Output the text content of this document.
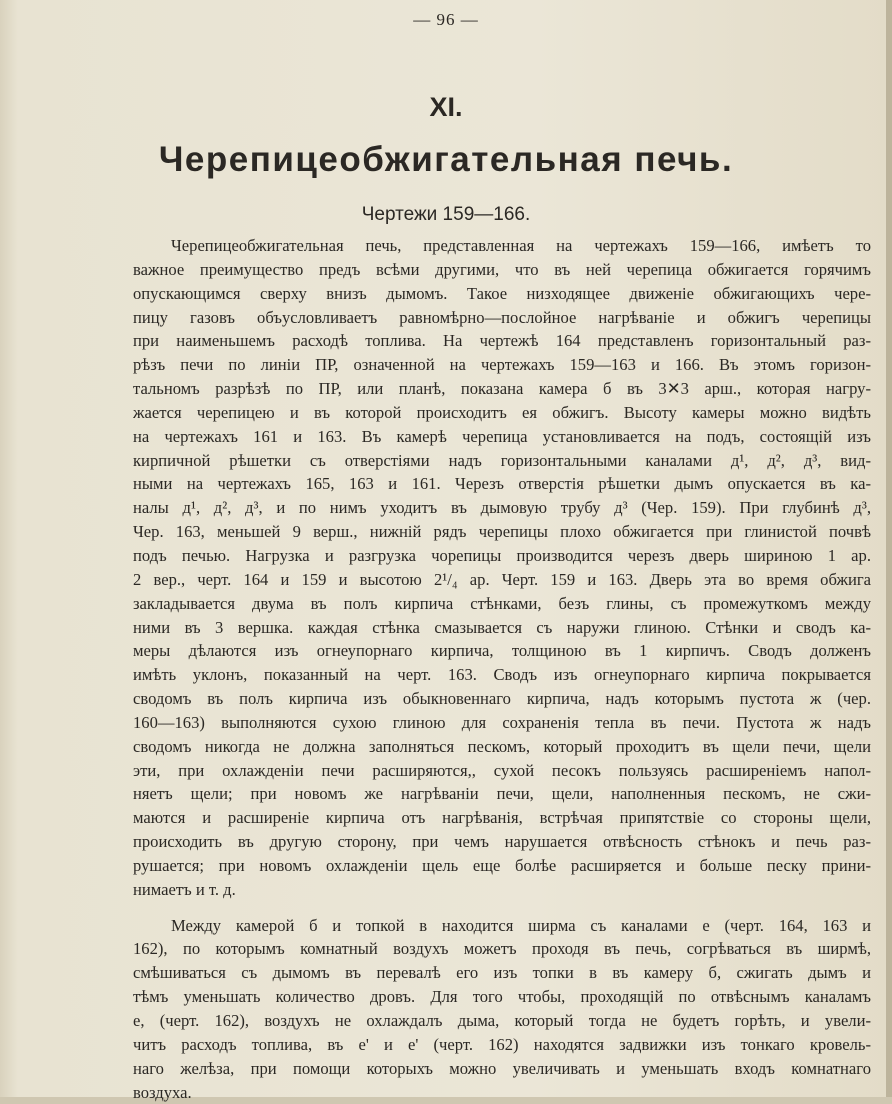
— 96 —
XI.
Черепицеобжигательная печь.
Чертежи 159—166.
Черепицеобжигательная печь, представленная на чертежахъ 159—166, имѣетъ то
важное преимущество предъ всѣми другими, что въ ней черепица обжигается горячимъ
опускающимся сверху внизъ дымомъ. Такое низходящее движеніе обжигающихъ чере-
пицу газовъ объусловливаетъ равномѣрно—послойное нагрѣваніе и обжигъ черепицы
при наименьшемъ расходѣ топлива. На чертежѣ 164 представленъ горизонтальный раз-
рѣзъ печи по линіи ПР, означенной на чертежахъ 159—163 и 166. Въ этомъ горизон-
тальномъ разрѣзѣ по ПР, или планѣ, показана камера б въ 3✕3 арш., которая нагру-
жается черепицею и въ которой происходитъ ея обжигъ. Высоту камеры можно видѣть
на чертежахъ 161 и 163. Въ камерѣ черепица установливается на подъ, состоящій изъ
кирпичной рѣшетки съ отверстіями надъ горизонтальными каналами д¹, д², д³, вид-
ными на чертежахъ 165, 163 и 161. Черезъ отверстія рѣшетки дымъ опускается въ ка-
налы д¹, д², д³, и по нимъ уходитъ въ дымовую трубу д³ (Чер. 159). При глубинѣ д³,
Чер. 163, меньшей 9 верш., нижній рядъ черепицы плохо обжигается при глинистой почвѣ
подъ печью. Нагрузка и разгрузка чорепицы производится черезъ дверь шириною 1 ар.
2 вер., черт. 164 и 159 и высотою 2¹/₄ ар. Черт. 159 и 163. Дверь эта во время обжига
закладывается двума въ полъ кирпича стѣнками, безъ глины, съ промежуткомъ между
ними въ 3 вершка. каждая стѣнка смазывается съ наружи глиною. Стѣнки и сводъ ка-
меры дѣлаются изъ огнеупорнаго кирпича, толщиною въ 1 кирпичъ. Сводъ долженъ
имѣть уклонъ, показанный на черт. 163. Сводъ изъ огнеупорнаго кирпича покрывается
сводомъ въ полъ кирпича изъ обыкновеннаго кирпича, надъ которымъ пустота ж (чер.
160—163) выполняются сухою глиною для сохраненія тепла въ печи. Пустота ж надъ
сводомъ никогда не должна заполняться пескомъ, который проходитъ въ щели печи, щели
эти, при охлажденіи печи расширяются,, сухой песокъ пользуясь расширеніемъ напол-
няетъ щели; при новомъ же нагрѣваніи печи, щели, наполненныя пескомъ, не сжи-
маются и расширеніе кирпича отъ нагрѣванія, встрѣчая припятствіе со стороны щели,
происходить въ другую сторону, при чемъ нарушается отвѣсность стѣнокъ и печь раз-
рушается; при новомъ охлажденіи щель еще болѣе расширяется и больше песку прини-
нимаетъ и т. д.
Между камерой б и топкой в находится ширма съ каналами е (черт. 164, 163 и
162), по которымъ комнатный воздухъ можетъ проходя въ печь, согрѣваться въ ширмѣ,
смѣшиваться съ дымомъ въ перевалѣ его изъ топки в въ камеру б, сжигать дымъ и
тѣмъ уменьшать количество дровъ. Для того чтобы, проходящій по отвѣснымъ каналамъ
е, (черт. 162), воздухъ не охлаждалъ дыма, который тогда не будетъ горѣть, и увели-
читъ расходъ топлива, въ е' и е' (черт. 162) находятся задвижки изъ тонкаго кровель-
наго желѣза, при помощи которыхъ можно увеличивать и уменьшать входъ комнатнаго
воздуха.
